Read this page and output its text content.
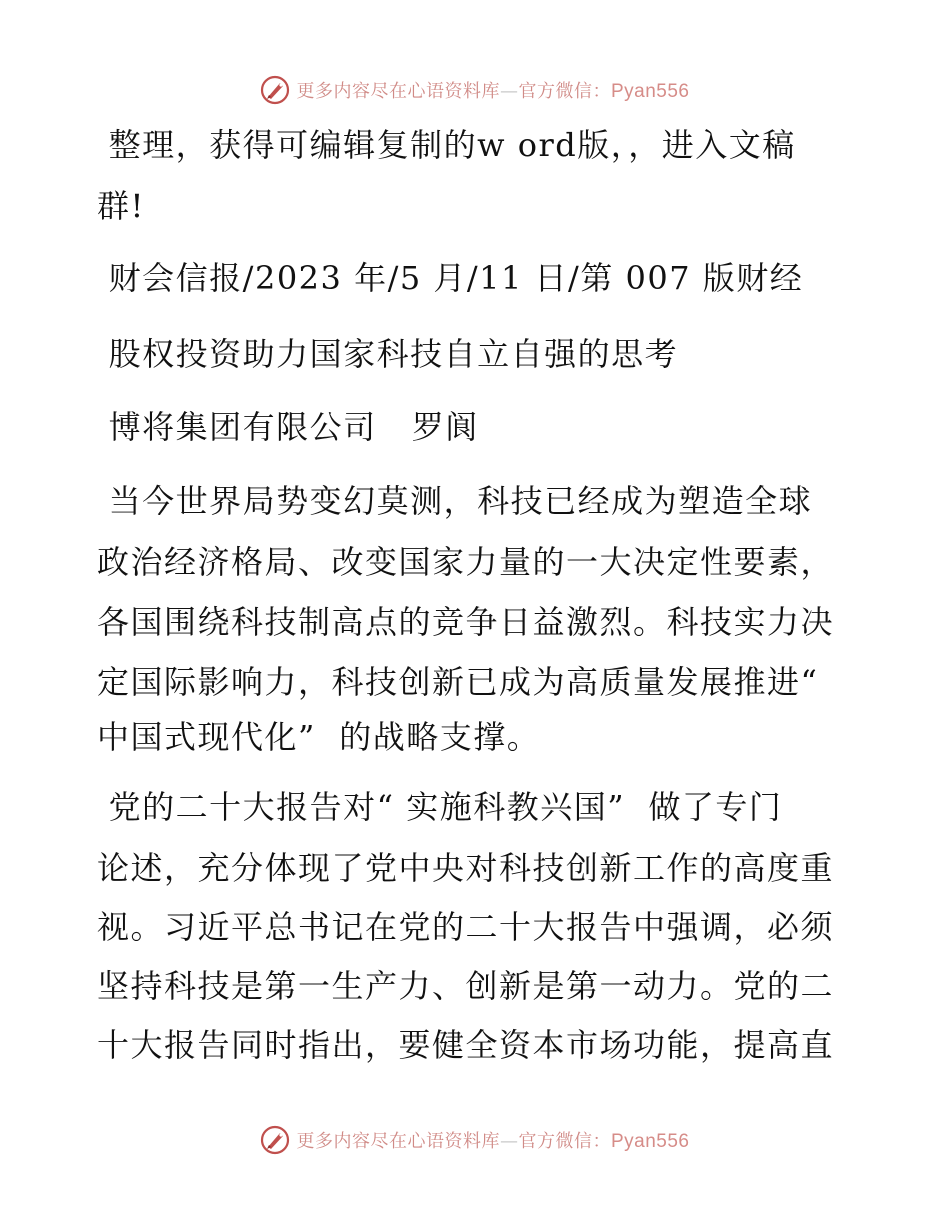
更多内容尽在心语资料库—官方微信：Pyan556
整理，获得可编辑复制的w ord版，，进入文稿
群!
财会信报/2023 年/5 月/11 日/第 007 版财经
股权投资助力国家科技自立自强的思考
博将集团有限公司   罗阆
当今世界局势变幻莫测，科技已经成为塑造全球
政治经济格局、改变国家力量的一大决定性要素，
各国围绕科技制高点的竞争日益激烈。科技实力决
定国际影响力，科技创新已成为高质量发展推进“
中国式现代化”  的战略支撑。
党的二十大报告对“ 实施科教兴国”  做了专门
论述，充分体现了党中央对科技创新工作的高度重
视。习近平总书记在党的二十大报告中强调，必须
坚持科技是第一生产力、创新是第一动力。党的二
十大报告同时指出，要健全资本市场功能，提高直
更多内容尽在心语资料库—官方微信：Pyan556
